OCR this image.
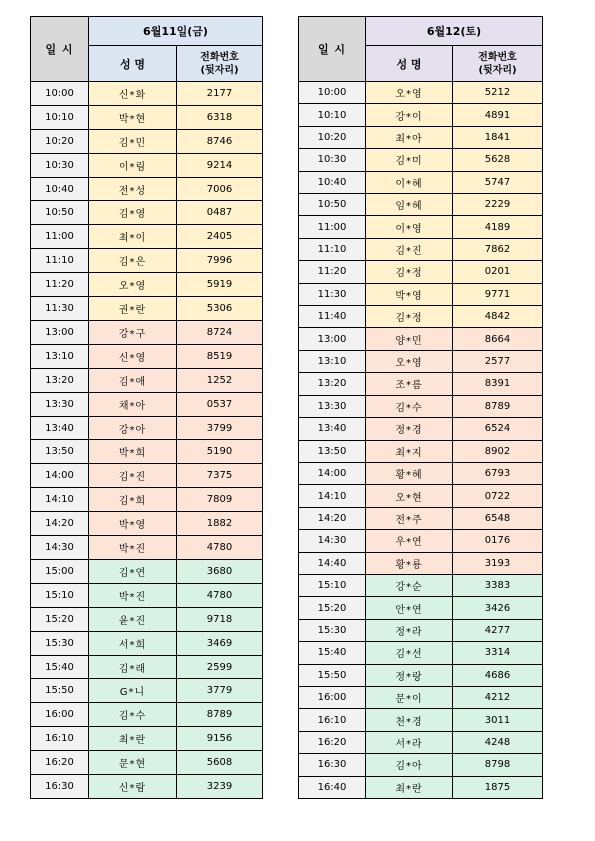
일 시
6월11일(금)
성 명
전화번호
(뒷자리)
10:00	신*화	2177
10:10	박*현	6318
10:20	김*민	8746
10:30	이*림	9214
10:40	전*성	7006
10:50	김*영	0487
11:00	최*이	2405
11:10	김*은	7996
11:20	오*영	5919
11:30	권*란	5306
13:00	강*구	8724
13:10	신*영	8519
13:20	김*애	1252
13:30	채*아	0537
13:40	강*아	3799
13:50	박*희	5190
14:00	김*진	7375
14:10	김*희	7809
14:20	박*영	1882
14:30	박*진	4780
15:00	김*연	3680
15:10	박*진	4780
15:20	윤*진	9718
15:30	서*희	3469
15:40	김*래	2599
15:50	G*니	3779
16:00	김*수	8789
16:10	최*란	9156
16:20	문*현	5608
16:30	신*람	3239
일 시
6월12(토)
성 명
전화번호
(뒷자리)
10:00	오*영	5212
10:10	강*이	4891
10:20	최*아	1841
10:30	김*미	5628
10:40	이*혜	5747
10:50	임*혜	2229
11:00	이*영	4189
11:10	김*진	7862
11:20	김*정	0201
11:30	박*영	9771
11:40	김*정	4842
13:00	양*민	8664
13:10	오*영	2577
13:20	조*름	8391
13:30	김*수	8789
13:40	정*경	6524
13:50	최*지	8902
14:00	황*혜	6793
14:10	오*현	0722
14:20	전*주	6548
14:30	우*연	0176
14:40	황*룡	3193
15:10	강*순	3383
15:20	안*연	3426
15:30	정*라	4277
15:40	김*선	3314
15:50	정*랑	4686
16:00	문*이	4212
16:10	천*경	3011
16:20	서*라	4248
16:30	김*아	8798
16:40	최*란	1875
